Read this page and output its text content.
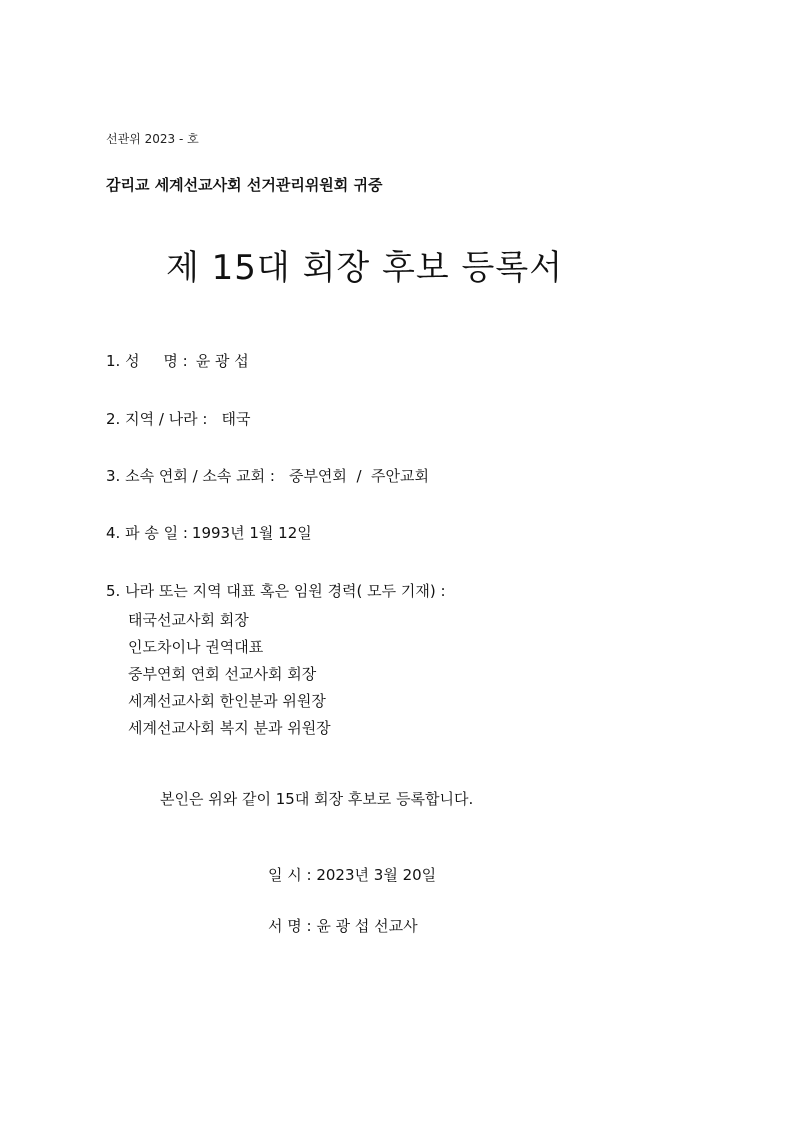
선관위 2023 - 호
감리교 세계선교사회 선거관리위원회 귀중
제 15대 회장 후보 등록서
1. 성     명 : 윤 광 섭
2. 지역 / 나라 : 태국
3. 소속 연회 / 소속 교회 : 중부연회  /  주안교회
4. 파 송 일 : 1993년 1월 12일
5. 나라 또는 지역 대표 혹은 임원 경력( 모두 기재) :
태국선교사회 회장
인도차이나 권역대표
중부연회 연회 선교사회 회장
세계선교사회 한인분과 위원장
세계선교사회 복지 분과 위원장
본인은 위와 같이 15대 회장 후보로 등록합니다.
일 시 : 2023년 3월 20일
서 명 : 윤 광 섭 선교사
